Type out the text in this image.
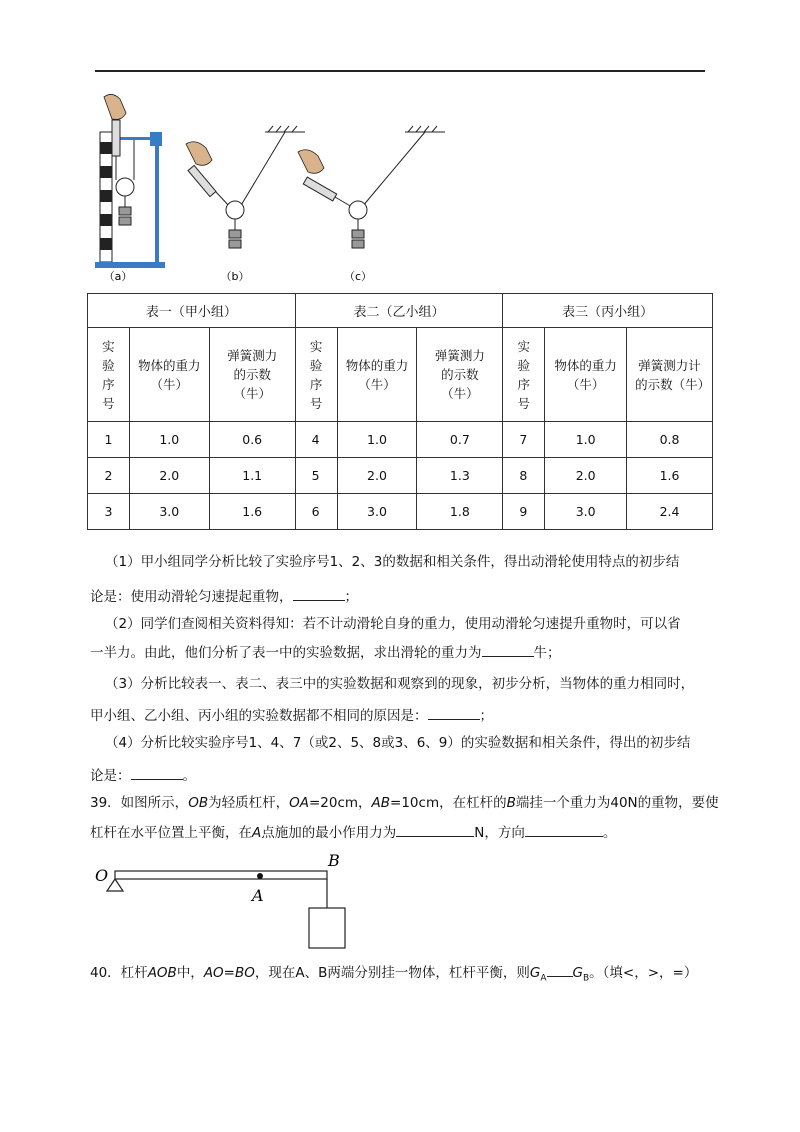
（a）	（b）	（c）
表一（甲小组）			表二（乙小组）			表三（丙小组）		
实验序号	物体的重力（牛）	弹簧测力的示数（牛）	实验序号	物体的重力（牛）	弹簧测力的示数（牛）	实验序号	物体的重力（牛）	弹簧测力计的示数（牛）
1	1.0	0.6	4	1.0	0.7	7	1.0	0.8
2	2.0	1.1	5	2.0	1.3	8	2.0	1.6
3	3.0	1.6	6	3.0	1.8	9	3.0	2.4
（1）甲小组同学分析比较了实验序号1、2、3的数据和相关条件，得出动滑轮使用特点的初步结
论是：使用动滑轮匀速提起重物，	；
（2）同学们查阅相关资料得知：若不计动滑轮自身的重力，使用动滑轮匀速提升重物时，可以省
一半力。由此，他们分析了表一中的实验数据，求出滑轮的重力为	牛；
（3）分析比较表一、表二、表三中的实验数据和观察到的现象，初步分析，当物体的重力相同时，
甲小组、乙小组、丙小组的实验数据都不相同的原因是：	；
（4）分析比较实验序号1、4、7（或2、5、8或3、6、9）的实验数据和相关条件，得出的初步结
论是：	。
39．如图所示，OB为轻质杠杆，OA=20cm，AB=10cm，在杠杆的B端挂一个重力为40N的重物，要使
杠杆在水平位置上平衡，在A点施加的最小作用力为	N，方向	。
O
A
B
40．杠杆AOB中，AO=BO，现在A、B两端分别挂一物体，杠杆平衡，则$G_A$ $G_B$。（填<，>，=）
